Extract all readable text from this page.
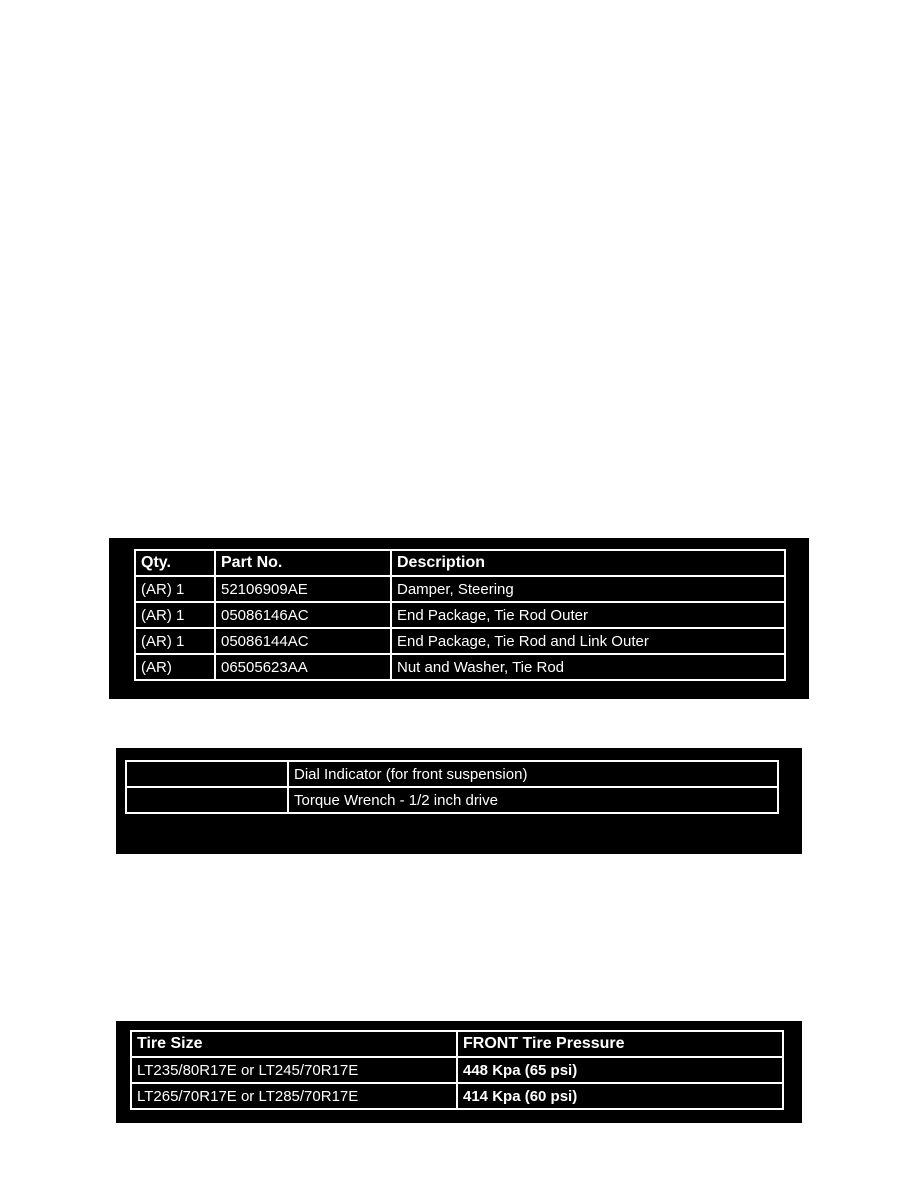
Qty.	Part No.	Description
(AR) 1	52106909AE	Damper, Steering
(AR) 1	05086146AC	End Package, Tie Rod Outer
(AR) 1	05086144AC	End Package, Tie Rod and Link Outer
(AR)	06505623AA	Nut and Washer, Tie Rod
	Dial Indicator (for front suspension)
	Torque Wrench - 1/2 inch drive
Tire Size	FRONT Tire Pressure
LT235/80R17E or LT245/70R17E	448 Kpa (65 psi)
LT265/70R17E or LT285/70R17E	414 Kpa (60 psi)
